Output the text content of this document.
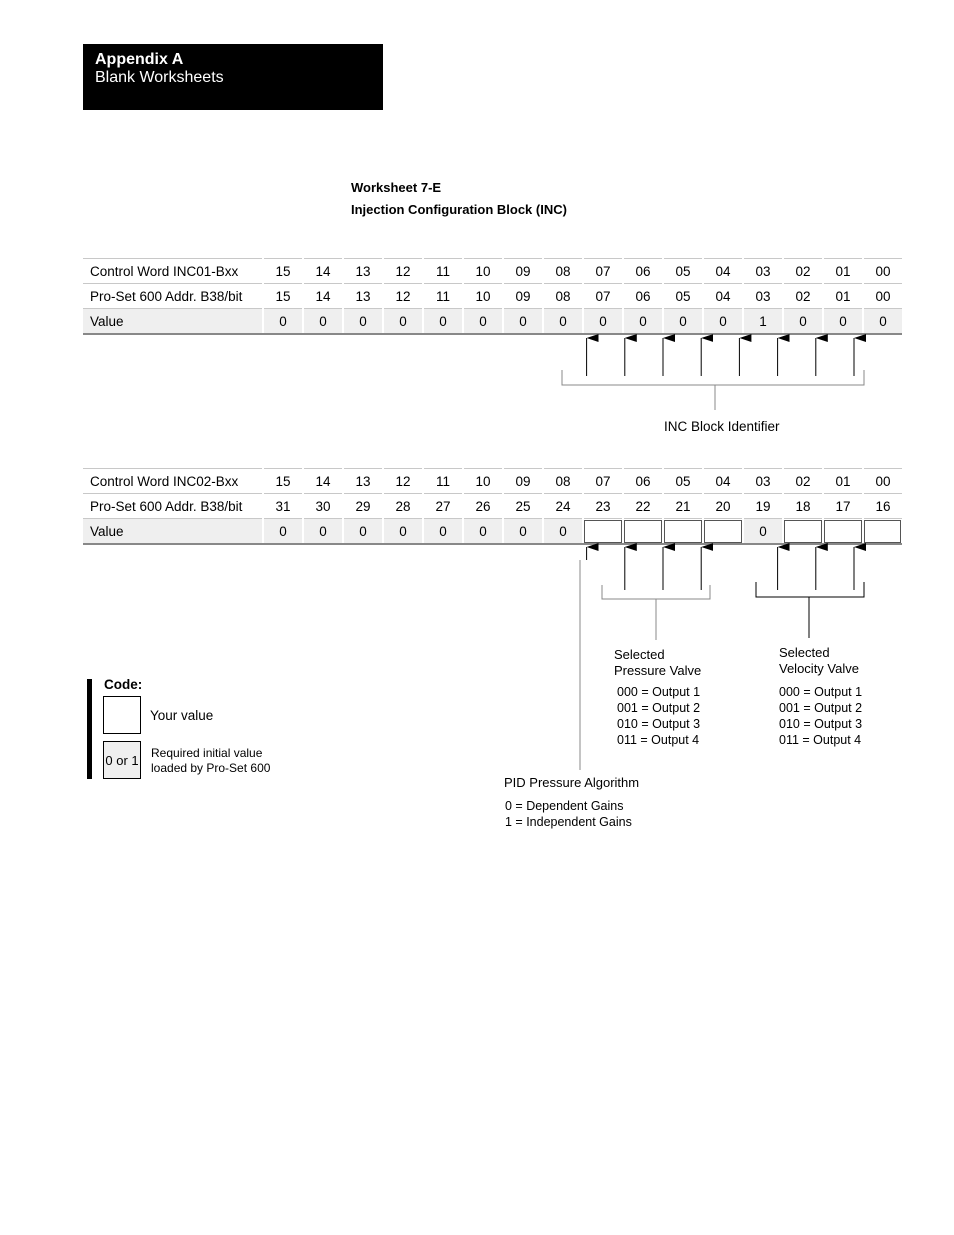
Appendix A
Blank Worksheets
Worksheet 7-E
Injection Configuration Block (INC)
Control Word INC01-Bxx	15	14	13	12	11	10	09	08	07	06	05	04	03	02	01	00
Pro-Set 600 Addr. B38/bit	15	14	13	12	11	10	09	08	07	06	05	04	03	02	01	00
Value	0	0	0	0	0	0	0	0	0	0	0	0	1	0	0	0
Control Word INC02-Bxx	15	14	13	12	11	10	09	08	07	06	05	04	03	02	01	00
Pro-Set 600 Addr. B38/bit	31	30	29	28	27	26	25	24	23	22	21	20	19	18	17	16
Value	0	0	0	0	0	0	0	0					0			
INC Block Identifier
Selected
Pressure Valve
000 = Output 1
001 = Output 2
010 = Output 3
011 = Output 4
Selected
Velocity Valve
000 = Output 1
001 = Output 2
010 = Output 3
011 = Output 4
PID Pressure Algorithm
0 = Dependent Gains
1 = Independent Gains
Code:
Your value
0 or 1 Required initial value
loaded by Pro-Set 600
